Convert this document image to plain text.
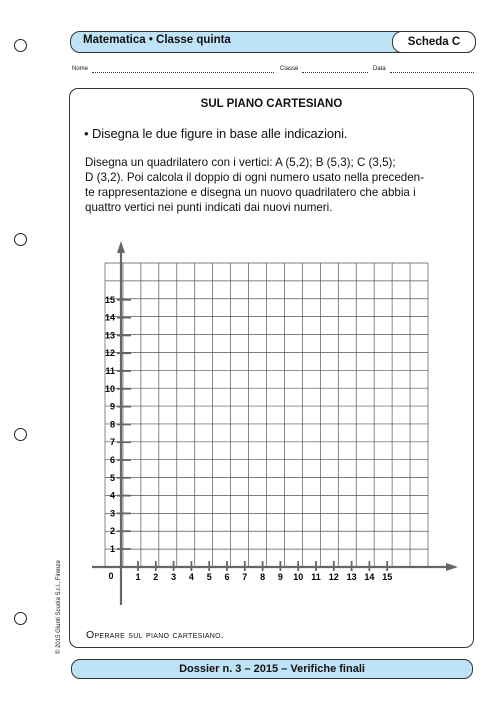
Matematica • Classe quinta	Scheda C
Nome	Classe	Data
SUL PIANO CARTESIANO
• Disegna le due figure in base alle indicazioni.
Disegna un quadrilatero con i vertici: A (5,2); B (5,3); C (3,5);
D (3,2). Poi calcola il doppio di ogni numero usato nella preceden-
te rappresentazione e disegna un nuovo quadrilatero che abbia i
quattro vertici nei punti indicati dai nuovi numeri.
0 1 2 3 4 5 6 7 8 9 10 11 12 13 14 15
1
2
3
4
5
6
7
8
9
10
11
12
13
14
15
Operare sul piano cartesiano.
Dossier n. 3 – 2015 – Verifiche finali
© 2015 Giunti Scuola S.r.l., Firenze
